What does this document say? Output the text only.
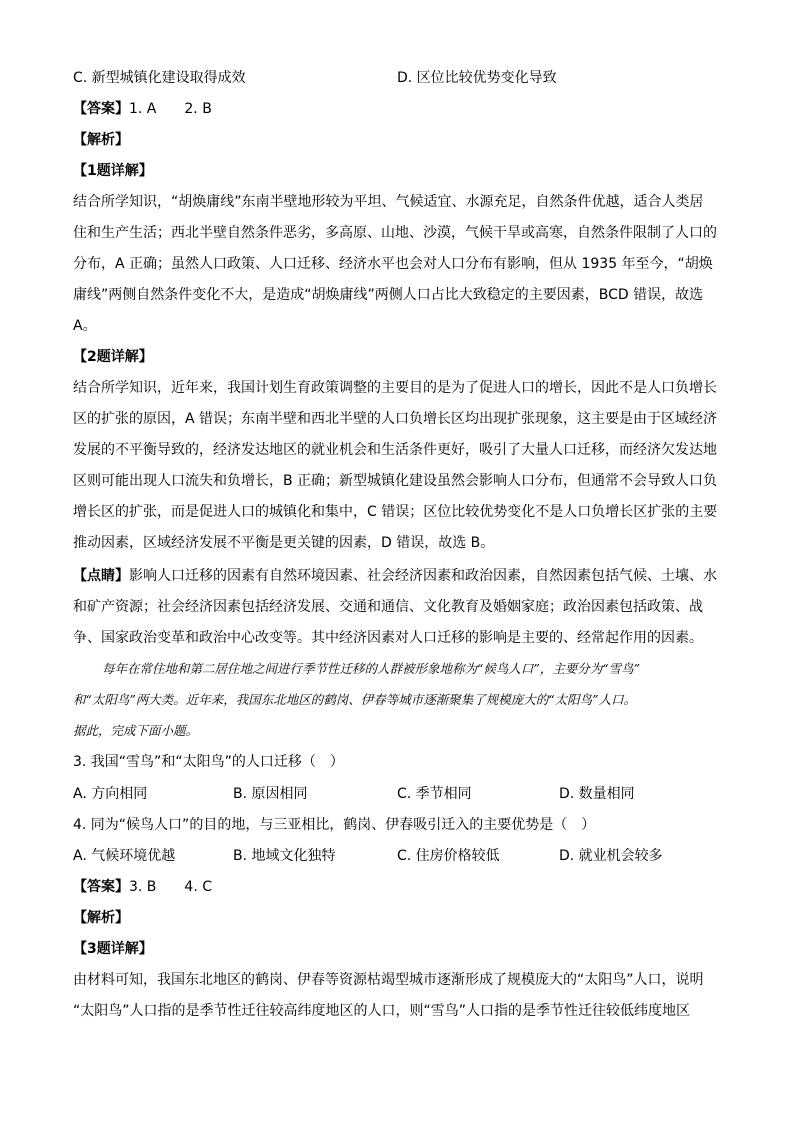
C. 新型城镇化建设取得成效	D. 区位比较优势变化导致
【答案】1. A　　2. B
【解析】
【1题详解】
结合所学知识，“胡焕庸线”东南半壁地形较为平坦、气候适宜、水源充足，自然条件优越，适合人类居
住和生产生活；西北半壁自然条件恶劣，多高原、山地、沙漠，气候干旱或高寒，自然条件限制了人口的
分布，A 正确；虽然人口政策、人口迁移、经济水平也会对人口分布有影响，但从 1935 年至今，“胡焕
庸线”两侧自然条件变化不大，是造成“胡焕庸线”两侧人口占比大致稳定的主要因素，BCD 错误，故选
A。
【2题详解】
结合所学知识，近年来，我国计划生育政策调整的主要目的是为了促进人口的增长，因此不是人口负增长
区的扩张的原因，A 错误；东南半壁和西北半壁的人口负增长区均出现扩张现象，这主要是由于区域经济
发展的不平衡导致的，经济发达地区的就业机会和生活条件更好，吸引了大量人口迁移，而经济欠发达地
区则可能出现人口流失和负增长，B 正确；新型城镇化建设虽然会影响人口分布，但通常不会导致人口负
增长区的扩张，而是促进人口的城镇化和集中，C 错误；区位比较优势变化不是人口负增长区扩张的主要
推动因素，区域经济发展不平衡是更关键的因素，D 错误，故选 B。
【点睛】影响人口迁移的因素有自然环境因素、社会经济因素和政治因素，自然因素包括气候、土壤、水
和矿产资源；社会经济因素包括经济发展、交通和通信、文化教育及婚姻家庭；政治因素包括政策、战
争、国家政治变革和政治中心改变等。其中经济因素对人口迁移的影响是主要的、经常起作用的因素。
每年在常住地和第二居住地之间进行季节性迁移的人群被形象地称为“候鸟人口”，主要分为“雪鸟”
和“太阳鸟”两大类。近年来，我国东北地区的鹤岗、伊春等城市逐渐聚集了规模庞大的“太阳鸟”人口。
据此，完成下面小题。
3. 我国“雪鸟”和“太阳鸟”的人口迁移（　）
A. 方向相同	B. 原因相同	C. 季节相同	D. 数量相同
4. 同为“候鸟人口”的目的地，与三亚相比，鹤岗、伊春吸引迁入的主要优势是（　）
A. 气候环境优越	B. 地域文化独特	C. 住房价格较低	D. 就业机会较多
【答案】3. B　　4. C
【解析】
【3题详解】
由材料可知，我国东北地区的鹤岗、伊春等资源枯竭型城市逐渐形成了规模庞大的“太阳鸟”人口，说明
“太阳鸟”人口指的是季节性迁往较高纬度地区的人口，则“雪鸟”人口指的是季节性迁往较低纬度地区
